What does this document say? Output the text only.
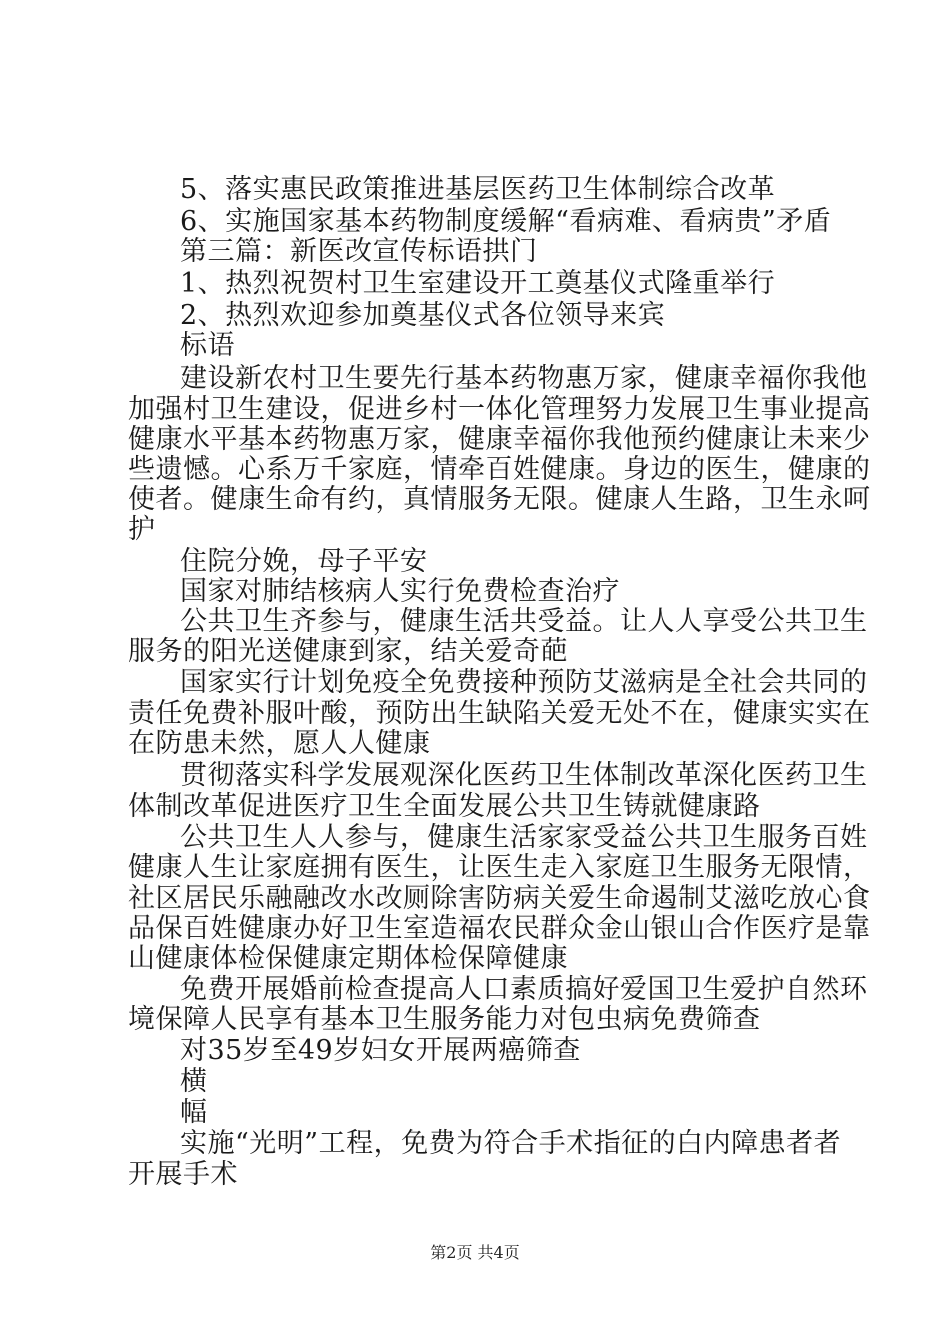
5、落实惠民政策推进基层医药卫生体制综合改革
6、实施国家基本药物制度缓解“看病难、看病贵”矛盾
第三篇：新医改宣传标语拱门
1、热烈祝贺村卫生室建设开工奠基仪式隆重举行
2、热烈欢迎参加奠基仪式各位领导来宾
标语
建设新农村卫生要先行基本药物惠万家，健康幸福你我他
加强村卫生建设，促进乡村一体化管理努力发展卫生事业提高
健康水平基本药物惠万家，健康幸福你我他预约健康让未来少
些遗憾。心系万千家庭，情牵百姓健康。身边的医生，健康的
使者。健康生命有约，真情服务无限。健康人生路，卫生永呵
护
住院分娩，母子平安
国家对肺结核病人实行免费检查治疗
公共卫生齐参与，健康生活共受益。让人人享受公共卫生
服务的阳光送健康到家，结关爱奇葩
国家实行计划免疫全免费接种预防艾滋病是全社会共同的
责任免费补服叶酸，预防出生缺陷关爱无处不在，健康实实在
在防患未然，愿人人健康
贯彻落实科学发展观深化医药卫生体制改革深化医药卫生
体制改革促进医疗卫生全面发展公共卫生铸就健康路
公共卫生人人参与，健康生活家家受益公共卫生服务百姓
健康人生让家庭拥有医生，让医生走入家庭卫生服务无限情，
社区居民乐融融改水改厕除害防病关爱生命遏制艾滋吃放心食
品保百姓健康办好卫生室造福农民群众金山银山合作医疗是靠
山健康体检保健康定期体检保障健康
免费开展婚前检查提高人口素质搞好爱国卫生爱护自然环
境保障人民享有基本卫生服务能力对包虫病免费筛查
对35岁至49岁妇女开展两癌筛查
横
幅
实施“光明”工程，免费为符合手术指征的白内障患者者
开展手术
第2页 共4页
